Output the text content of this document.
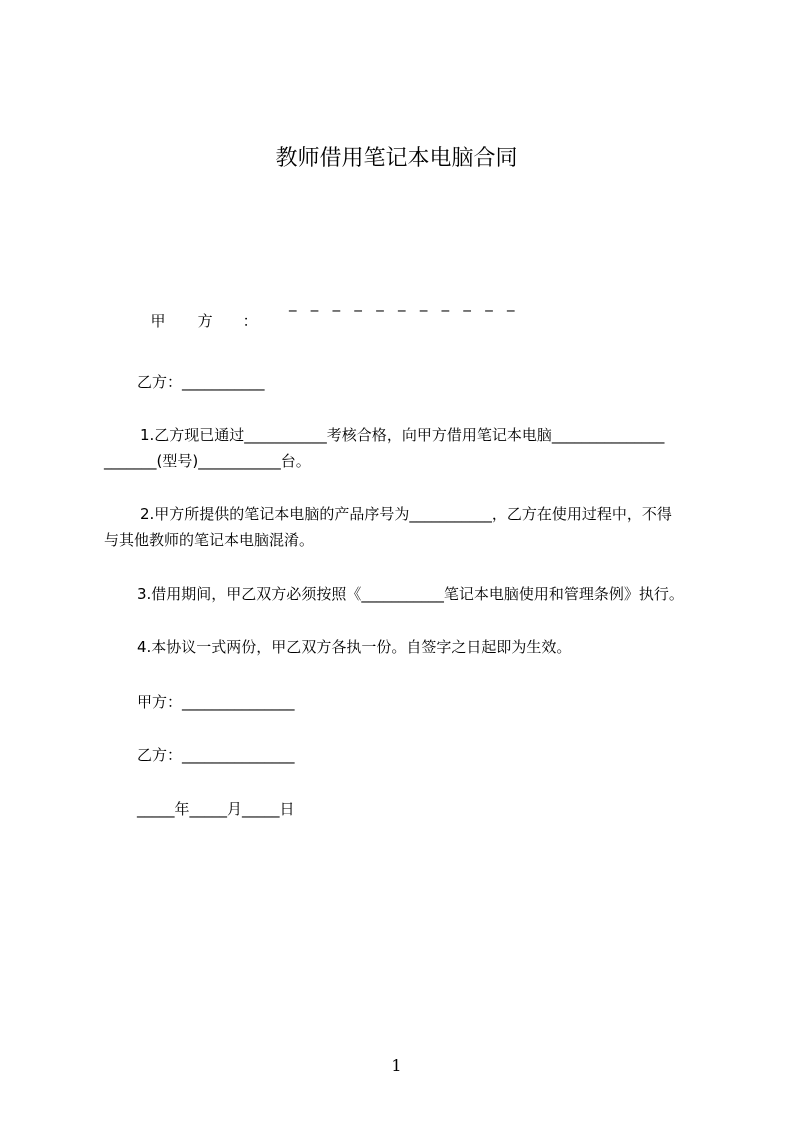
教师借用笔记本电脑合同

甲 方 ：

_   _   _   _   _   _   _   _   _   _   _

乙方：___________
1.乙方现已通过___________考核合格，向甲方借用笔记本电脑_______________
_______(型号)___________台。
2.甲方所提供的笔记本电脑的产品序号为___________，乙方在使用过程中，不得
与其他教师的笔记本电脑混淆。
3.借用期间，甲乙双方必须按照《___________笔记本电脑使用和管理条例》执行。
4.本协议一式两份，甲乙双方各执一份。自签字之日起即为生效。
甲方：_______________
乙方：_______________
_____年_____月_____日
1
